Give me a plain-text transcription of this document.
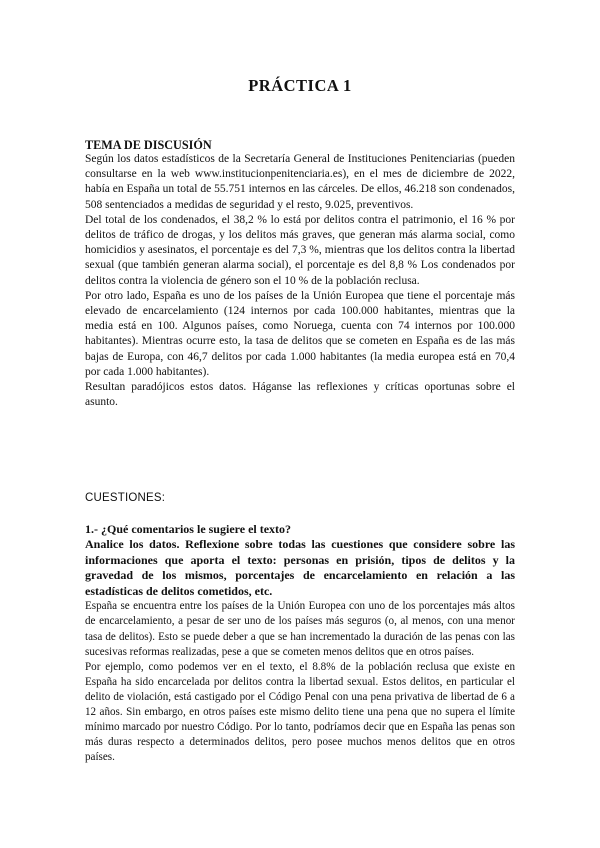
PRÁCTICA 1
TEMA DE DISCUSIÓN
Según los datos estadísticos de la Secretaría General de Instituciones Penitenciarias (pueden consultarse en la web www.institucionpenitenciaria.es), en el mes de diciembre de 2022, había en España un total de 55.751 internos en las cárceles. De ellos, 46.218 son condenados, 508 sentenciados a medidas de seguridad y el resto, 9.025, preventivos.
Del total de los condenados, el 38,2 % lo está por delitos contra el patrimonio, el 16 % por delitos de tráfico de drogas, y los delitos más graves, que generan más alarma social, como homicidios y asesinatos, el porcentaje es del 7,3 %, mientras que los delitos contra la libertad sexual (que también generan alarma social), el porcentaje es del 8,8 % Los condenados por delitos contra la violencia de género son el 10 % de la población reclusa.
Por otro lado, España es uno de los países de la Unión Europea que tiene el porcentaje más elevado de encarcelamiento (124 internos por cada 100.000 habitantes, mientras que la media está en 100. Algunos países, como Noruega, cuenta con 74 internos por 100.000 habitantes). Mientras ocurre esto, la tasa de delitos que se cometen en España es de las más bajas de Europa, con 46,7 delitos por cada 1.000 habitantes (la media europea está en 70,4 por cada 1.000 habitantes).
Resultan paradójicos estos datos. Háganse las reflexiones y críticas oportunas sobre el asunto.
CUESTIONES:
1.- ¿Qué comentarios le sugiere el texto?
Analice los datos. Reflexione sobre todas las cuestiones que considere sobre las informaciones que aporta el texto: personas en prisión, tipos de delitos y la gravedad de los mismos, porcentajes de encarcelamiento en relación a las estadísticas de delitos cometidos, etc.
España se encuentra entre los países de la Unión Europea con uno de los porcentajes más altos de encarcelamiento, a pesar de ser uno de los países más seguros (o, al menos, con una menor tasa de delitos). Esto se puede deber a que se han incrementado la duración de las penas con las sucesivas reformas realizadas, pese a que se cometen menos delitos que en otros países.
Por ejemplo, como podemos ver en el texto, el 8.8% de la población reclusa que existe en España ha sido encarcelada por delitos contra la libertad sexual. Estos delitos, en particular el delito de violación, está castigado por el Código Penal con una pena privativa de libertad de 6 a 12 años. Sin embargo, en otros países este mismo delito tiene una pena que no supera el límite mínimo marcado por nuestro Código. Por lo tanto, podríamos decir que en España las penas son más duras respecto a determinados delitos, pero posee muchos menos delitos que en otros países.
